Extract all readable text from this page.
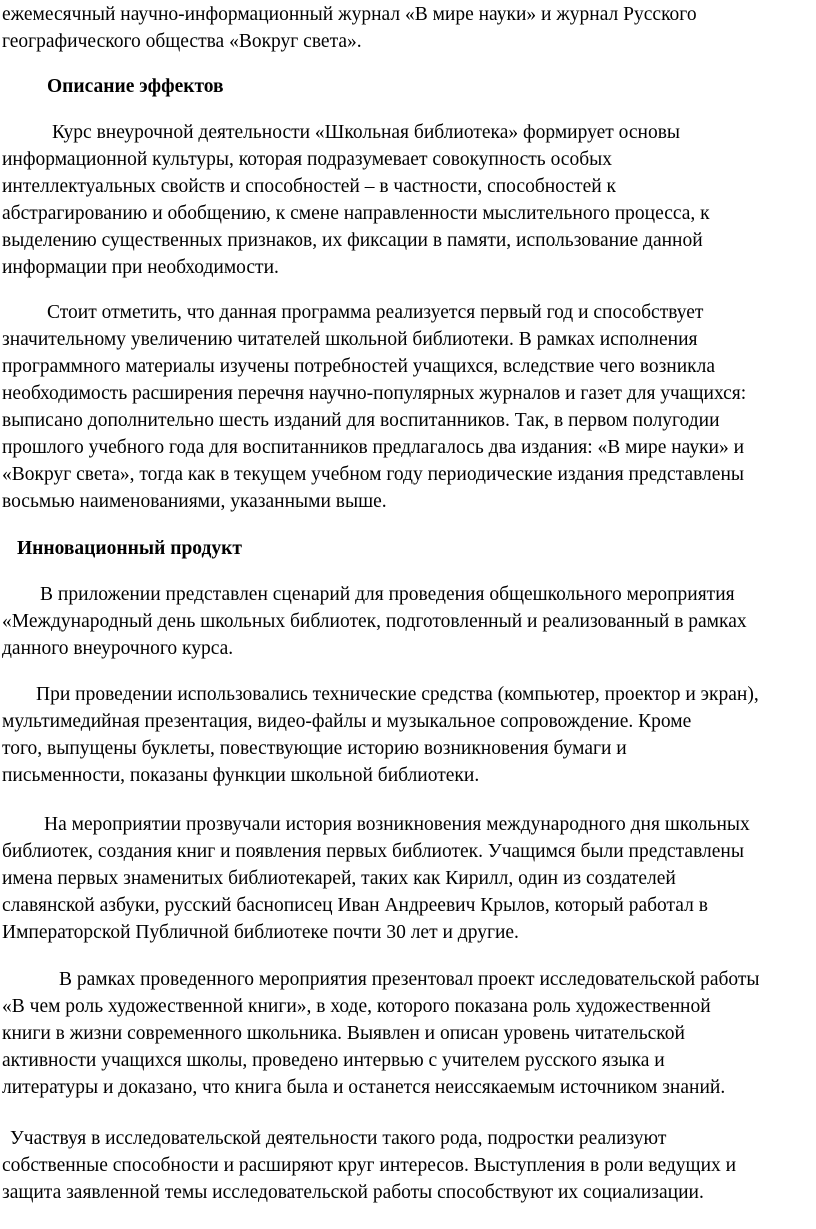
ежемесячный научно-информационный журнал «В мире науки» и журнал Русского
географического общества «Вокруг света».
Описание эффектов
Курс внеурочной деятельности «Школьная библиотека» формирует основы
информационной культуры, которая подразумевает совокупность особых
интеллектуальных свойств и способностей – в частности, способностей к
абстрагированию и обобщению, к смене направленности мыслительного процесса, к
выделению существенных признаков, их фиксации в памяти, использование данной
информации при необходимости.
Стоит отметить, что данная программа реализуется первый год и способствует
значительному увеличению читателей школьной библиотеки. В рамках исполнения
программного материалы изучены потребностей учащихся, вследствие чего возникла
необходимость расширения перечня научно-популярных журналов и газет для учащихся:
выписано дополнительно шесть изданий для воспитанников. Так, в первом полугодии
прошлого учебного года для воспитанников предлагалось два издания: «В мире науки» и
«Вокруг света», тогда как в текущем учебном году периодические издания представлены
восьмью наименованиями, указанными выше.
Инновационный продукт
В приложении представлен сценарий для проведения общешкольного мероприятия
«Международный день школьных библиотек, подготовленный и реализованный в рамках
данного внеурочного курса.
При проведении использовались технические средства (компьютер, проектор и экран),
мультимедийная презентация, видео-файлы и музыкальное сопровождение. Кроме
того, выпущены буклеты, повествующие историю возникновения бумаги и
письменности, показаны функции школьной библиотеки.
На мероприятии прозвучали история возникновения международного дня школьных
библиотек, создания книг и появления первых библиотек. Учащимся были представлены
имена первых знаменитых библиотекарей, таких как Кирилл, один из создателей
славянской азбуки, русский баснописец Иван Андреевич Крылов, который работал в
Императорской Публичной библиотеке почти 30 лет и другие.
В рамках проведенного мероприятия презентовал проект исследовательской работы
«В чем роль художественной книги», в ходе, которого показана роль художественной
книги в жизни современного школьника. Выявлен и описан уровень читательской
активности учащихся школы, проведено интервью с учителем русского языка и
литературы и доказано, что книга была и останется неиссякаемым источником знаний.
Участвуя в исследовательской деятельности такого рода, подростки реализуют
собственные способности и расширяют круг интересов. Выступления в роли ведущих и
защита заявленной темы исследовательской работы способствуют их социализации.
